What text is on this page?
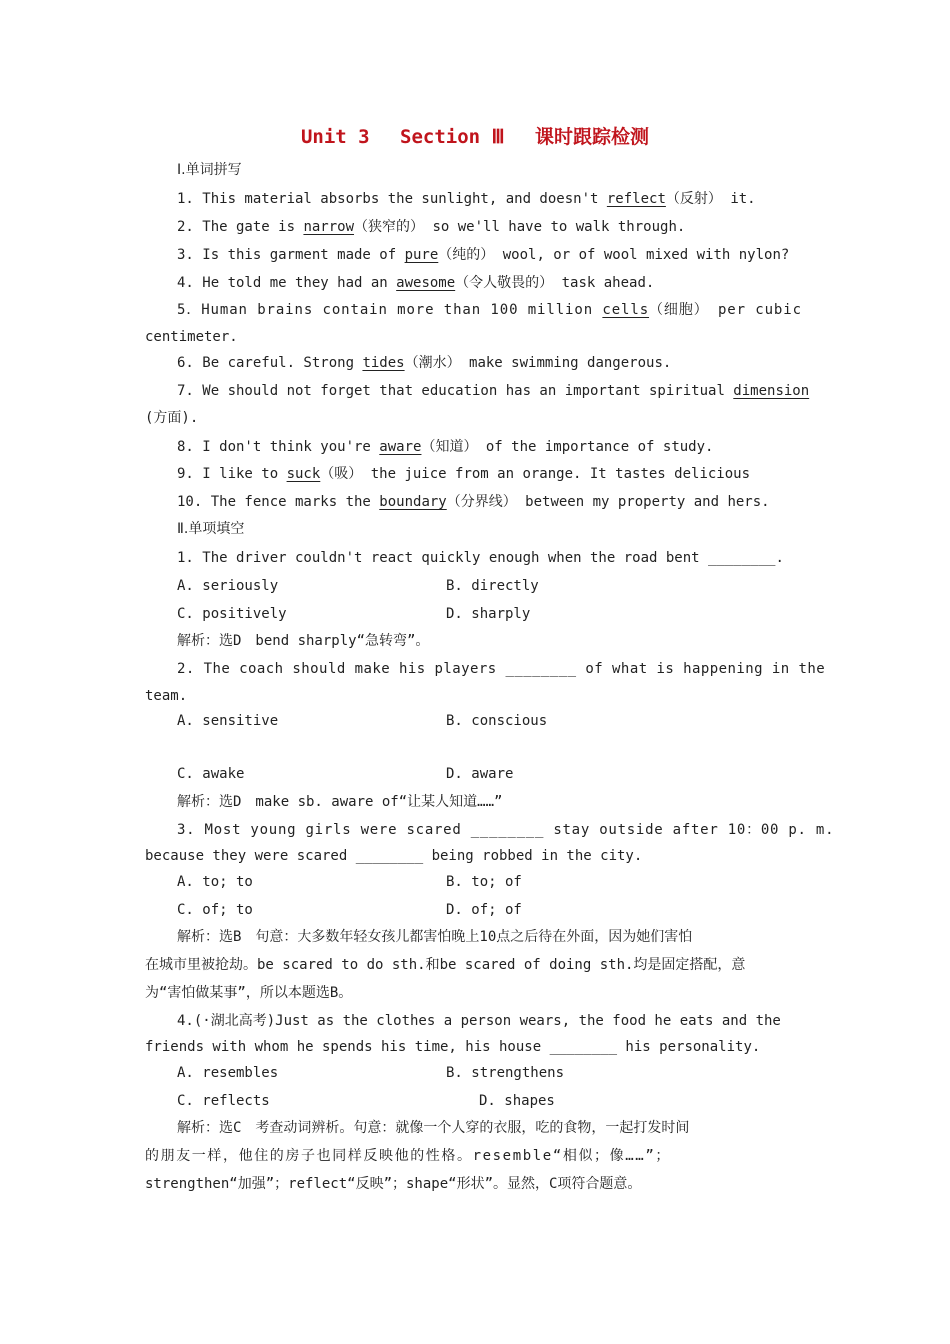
Unit 3　 Section Ⅲ　 课时跟踪检测
Ⅰ.单词拼写
1. This material absorbs the sunlight, and doesn't reflect（反射） it.
2. The gate is narrow（狭窄的） so we'll have to walk through.
3. Is this garment made of pure（纯的） wool, or of wool mixed with nylon?
4. He told me they had an awesome（令人敬畏的） task ahead.
5．Human brains contain more than 100 million cells（细胞） per cubic
centimeter.
6. Be careful. Strong tides（潮水） make swimming dangerous.
7. We should not forget that education has an important spiritual dimension
(方面).
8. I don't think you're aware（知道） of the importance of study.
9. I like to suck（吸） the juice from an orange. It tastes delicious
10. The fence marks the boundary（分界线） between my property and hers.
Ⅱ.单项填空
1. The driver couldn't react quickly enough when the road bent ________.
A. seriously	B. directly
C. positively	D. sharply
解析：选D　bend sharply“急转弯”。
2. The coach should make his players ________ of what is happening in the
team.
A. sensitive	B. conscious
C. awake	D. aware
解析：选D　make sb. aware of“让某人知道……”
3. Most young girls were scared ________ stay outside after 10：00 p. m.
because they were scared ________ being robbed in the city.
A. to; to	B. to; of
C. of; to	D. of; of
解析：选B　句意：大多数年轻女孩儿都害怕晚上10点之后待在外面，因为她们害怕
在城市里被抢劫。be scared to do sth.和be scared of doing sth.均是固定搭配，意
为“害怕做某事”，所以本题选B。
4.(·湖北高考)Just as the clothes a person wears, the food he eats and the
friends with whom he spends his time, his house ________ his personality.
A. resembles	B. strengthens
C. reflects	D. shapes
解析：选C　考查动词辨析。句意：就像一个人穿的衣服，吃的食物，一起打发时间
的朋友一样，他住的房子也同样反映他的性格。resemble“相似；像……”；
strengthen“加强”；reflect“反映”；shape“形状”。显然，C项符合题意。
